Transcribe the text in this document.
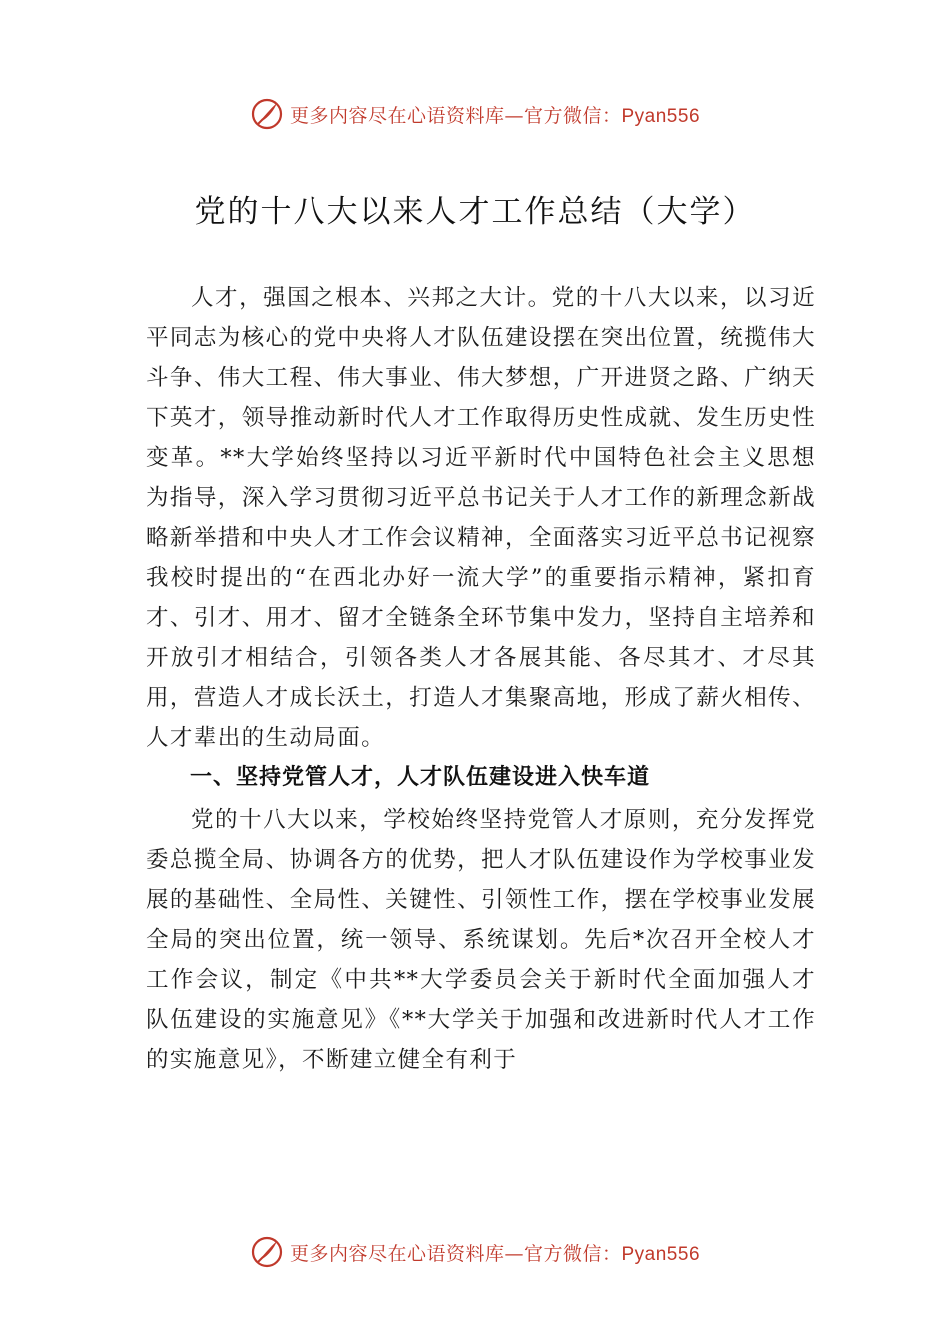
更多内容尽在心语资料库—官方微信：Pyan556
党的十八大以来人才工作总结（大学）

人才，强国之根本、兴邦之大计。党的十八大以来，以习近平同志为核心的党中央将人才队伍建设摆在突出位置，统揽伟大斗争、伟大工程、伟大事业、伟大梦想，广开进贤之路、广纳天下英才，领导推动新时代人才工作取得历史性成就、发生历史性变革。**大学始终坚持以习近平新时代中国特色社会主义思想为指导，深入学习贯彻习近平总书记关于人才工作的新理念新战略新举措和中央人才工作会议精神，全面落实习近平总书记视察我校时提出的“在西北办好一流大学”的重要指示精神，紧扣育才、引才、用才、留才全链条全环节集中发力，坚持自主培养和开放引才相结合，引领各类人才各展其能、各尽其才、才尽其用，营造人才成长沃土，打造人才集聚高地，形成了薪火相传、人才辈出的生动局面。

一、坚持党管人才，人才队伍建设进入快车道

党的十八大以来，学校始终坚持党管人才原则，充分发挥党委总揽全局、协调各方的优势，把人才队伍建设作为学校事业发展的基础性、全局性、关键性、引领性工作，摆在学校事业发展全局的突出位置，统一领导、系统谋划。先后*次召开全校人才工作会议，制定《中共**大学委员会关于新时代全面加强人才队伍建设的实施意见》《**大学关于加强和改进新时代人才工作的实施意见》，不断建立健全有利于

更多内容尽在心语资料库—官方微信：Pyan556
